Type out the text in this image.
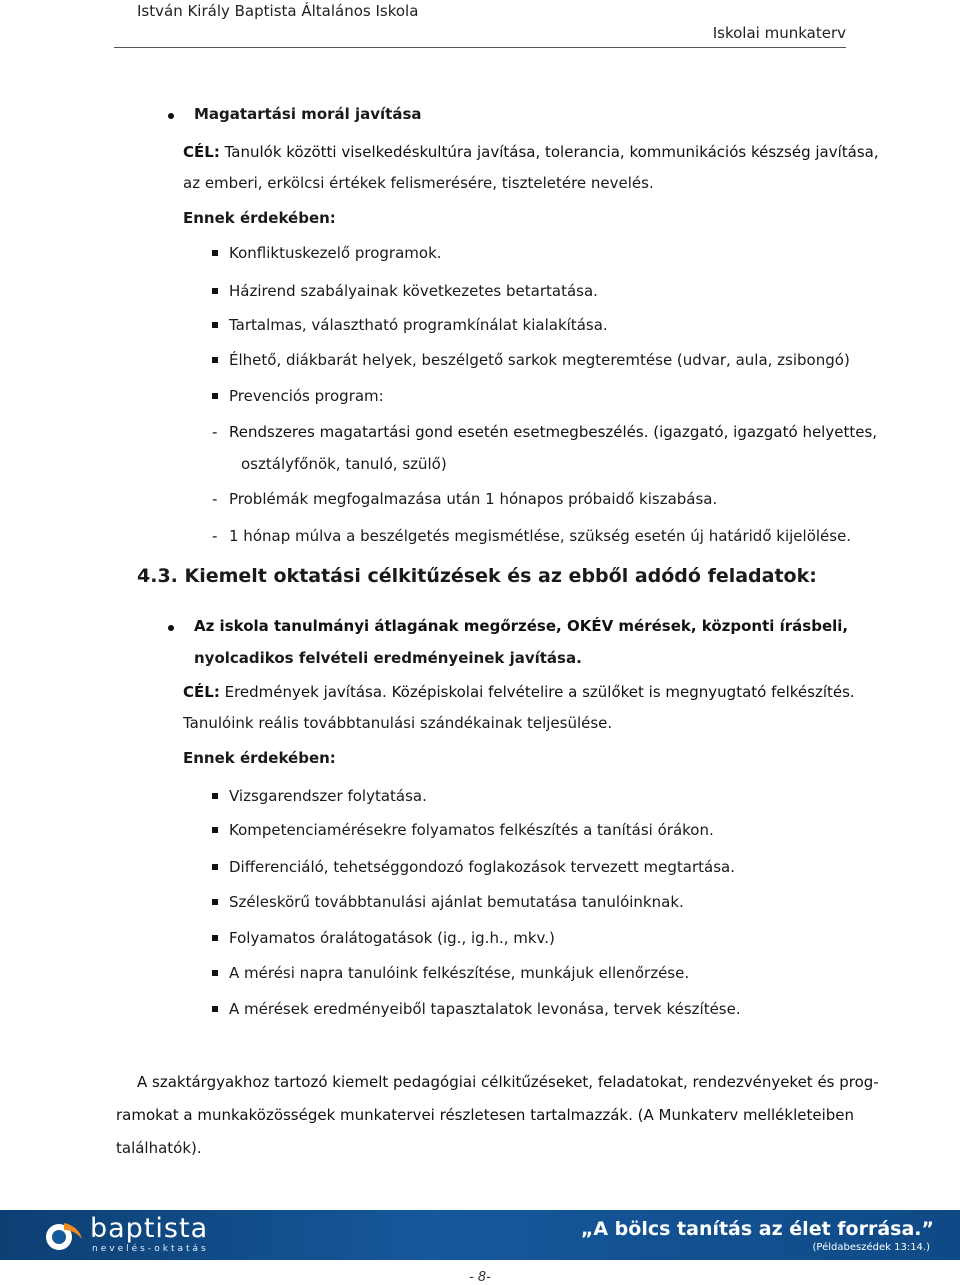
István Király Baptista Általános Iskola
Iskolai munkaterv
Magatartási morál javítása
CÉL: Tanulók közötti viselkedéskultúra javítása, tolerancia, kommunikációs készség javítása,
az emberi, erkölcsi értékek felismerésére, tiszteletére nevelés.
Ennek érdekében:
Konfliktuskezelő programok.
Házirend szabályainak következetes betartatása.
Tartalmas, választható programkínálat kialakítása.
Élhető, diákbarát helyek, beszélgető sarkok megteremtése (udvar, aula, zsibongó)
Prevenciós program:
- Rendszeres magatartási gond esetén esetmegbeszélés. (igazgató, igazgató helyettes,
osztályfőnök, tanuló, szülő)
- Problémák megfogalmazása után 1 hónapos próbaidő kiszabása.
- 1 hónap múlva a beszélgetés megismétlése, szükség esetén új határidő kijelölése.
4.3. Kiemelt oktatási célkitűzések és az ebből adódó feladatok:
Az iskola tanulmányi átlagának megőrzése, OKÉV mérések, központi írásbeli,
nyolcadikos felvételi eredményeinek javítása.
CÉL: Eredmények javítása. Középiskolai felvételire a szülőket is megnyugtató felkészítés.
Tanulóink reális továbbtanulási szándékainak teljesülése.
Ennek érdekében:
Vizsgarendszer folytatása.
Kompetenciamérésekre folyamatos felkészítés a tanítási órákon.
Differenciáló, tehetséggondozó foglakozások tervezett megtartása.
Széleskörű továbbtanulási ajánlat bemutatása tanulóinknak.
Folyamatos óralátogatások (ig., ig.h., mkv.)
A mérési napra tanulóink felkészítése, munkájuk ellenőrzése.
A mérések eredményeiből tapasztalatok levonása, tervek készítése.
A szaktárgyakhoz tartozó kiemelt pedagógiai célkitűzéseket, feladatokat, rendezvényeket és prog-
ramokat a munkaközösségek munkatervei részletesen tartalmazzák. (A Munkaterv mellékleteiben
találhatók).
baptista
nevelés-oktatás
„A bölcs tanítás az élet forrása.”
(Példabeszédek 13:14.)
- 8-
